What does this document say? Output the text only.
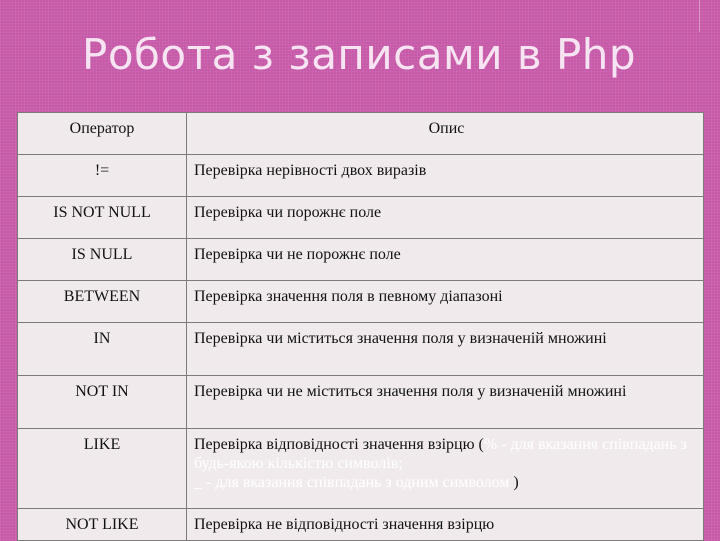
Робота з записами в Php
Оператор	Опис
!=	Перевірка нерівності двох виразів
IS NOT NULL	Перевірка чи порожнє поле
IS NULL	Перевірка чи не порожнє поле
BETWEEN	Перевірка значення поля в певному діапазоні
IN	Перевірка чи міститься значення поля у визначеній множині
NOT IN	Перевірка чи не міститься значення поля у визначеній множині
LIKE	Перевірка відповідності значення взірцю (% - для вказання співпадань з будь-якою кількістю символів;
_ - для вказання співпадань з одним символом )
NOT LIKE	Перевірка не відповідності значення взірцю
